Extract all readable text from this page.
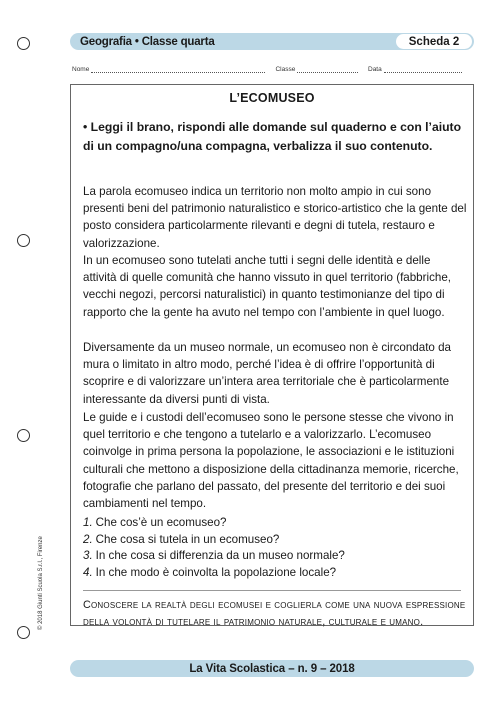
Geografia • Classe quarta	Scheda 2
Nome	Classe	Data
L’ECOMUSEO
• Leggi il brano, rispondi alle domande sul quaderno e con l’aiuto di un compagno/una compagna, verbalizza il suo contenuto.
La parola ecomuseo indica un territorio non molto ampio in cui sono presenti beni del patrimonio naturalistico e storico-artistico che la gente del posto considera particolarmente rilevanti e degni di tutela, restauro e valorizzazione.
In un ecomuseo sono tutelati anche tutti i segni delle identità e delle attività di quelle comunità che hanno vissuto in quel territorio (fabbriche, vecchi negozi, percorsi naturalistici) in quanto testimonianze del tipo di rapporto che la gente ha avuto nel tempo con l’ambiente in quel luogo.
Diversamente da un museo normale, un ecomuseo non è circondato da mura o limitato in altro modo, perché l’idea è di offrire l’opportunità di scoprire e di valorizzare un’intera area territoriale che è particolarmente interessante da diversi punti di vista.
Le guide e i custodi dell’ecomuseo sono le persone stesse che vivono in quel territorio e che tengono a tutelarlo e a valorizzarlo. L’ecomuseo coinvolge in prima persona la popolazione, le associazioni e le istituzioni culturali che mettono a disposizione della cittadinanza memorie, ricerche, fotografie che parlano del passato, del presente del territorio e dei suoi cambiamenti nel tempo.
1. Che cos’è un ecomuseo?
2. Che cosa si tutela in un ecomuseo?
3. In che cosa si differenzia da un museo normale?
4. In che modo è coinvolta la popolazione locale?
Conoscere la realtà degli ecomusei e coglierla come una nuova espressione della volontà di tutelare il patrimonio naturale, culturale e umano.
© 2018 Giunti Scuola S.r.l., Firenze
La Vita Scolastica – n. 9 – 2018
